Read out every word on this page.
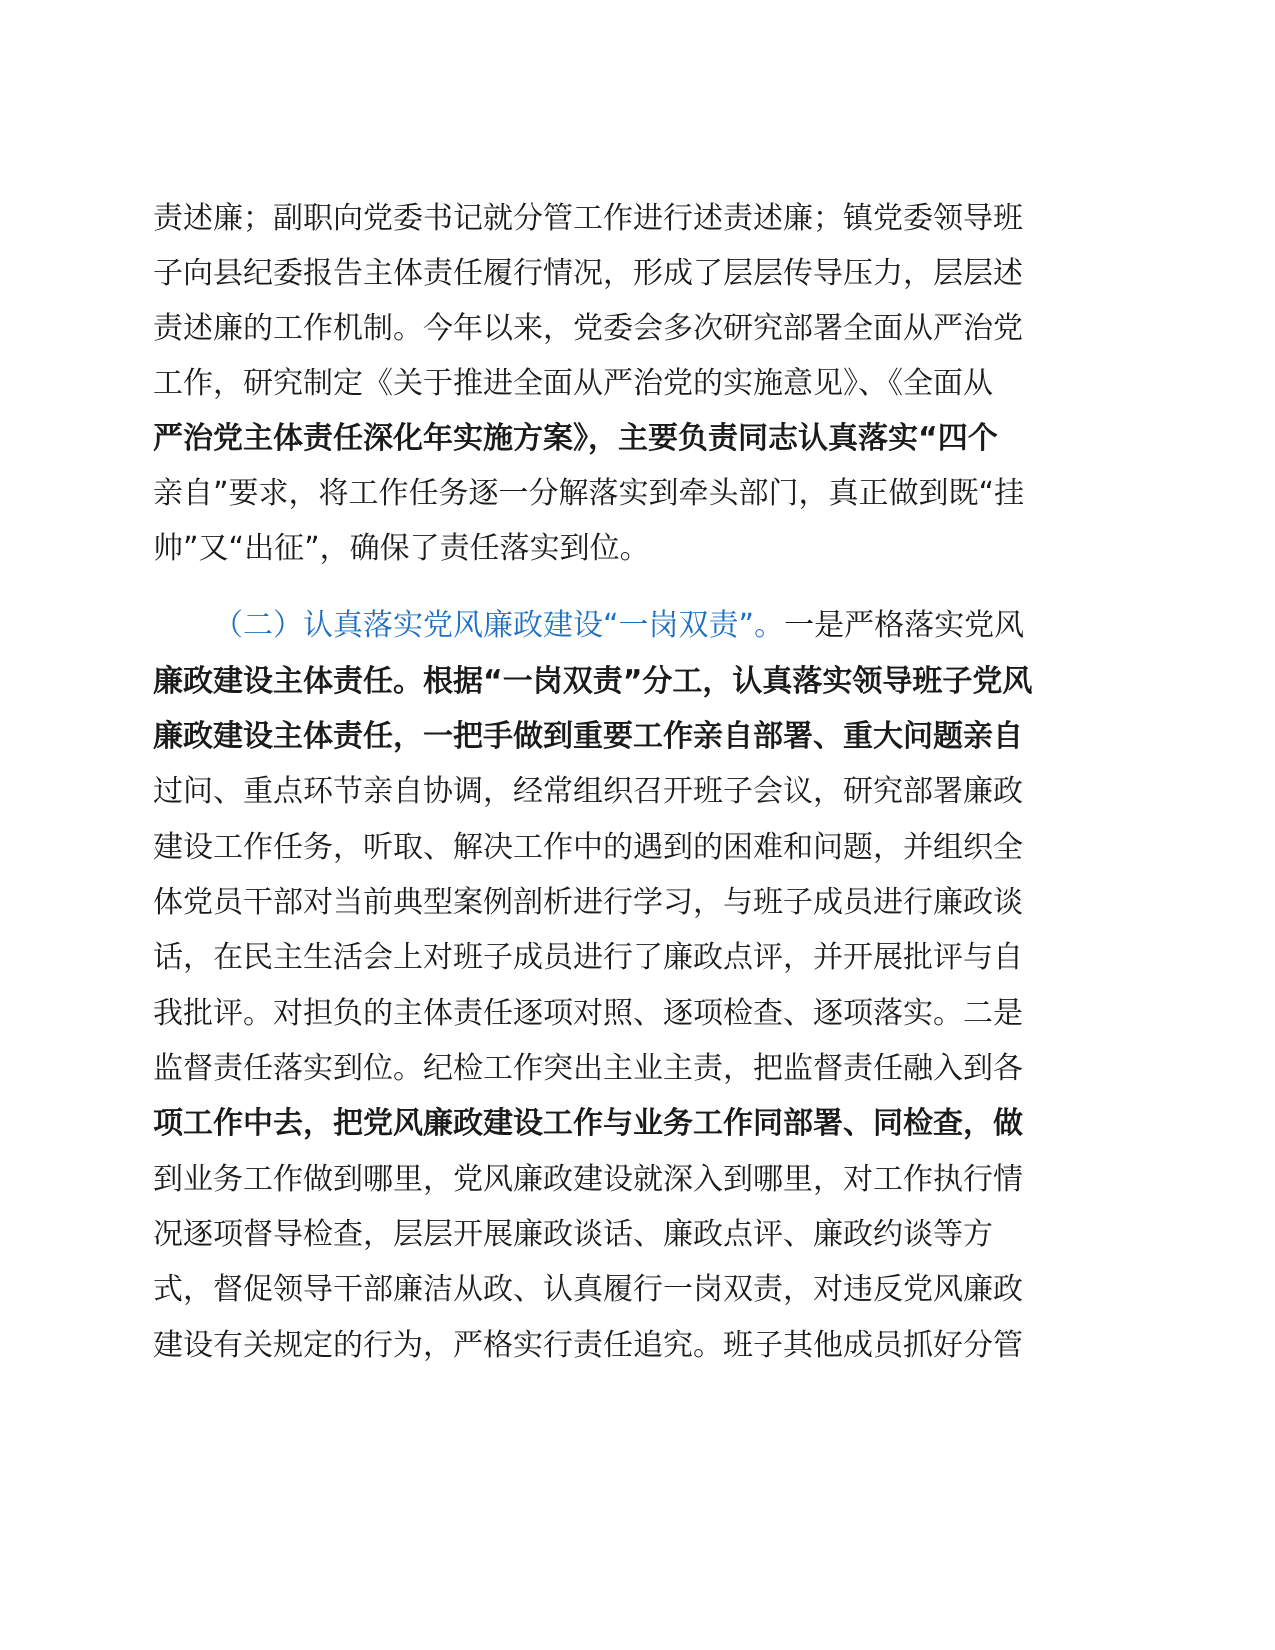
责述廉；副职向党委书记就分管工作进行述责述廉；镇党委领导班
子向县纪委报告主体责任履行情况，形成了层层传导压力，层层述
责述廉的工作机制。今年以来，党委会多次研究部署全面从严治党
工作，研究制定《关于推进全面从严治党的实施意见》、《全面从
严治党主体责任深化年实施方案》，主要负责同志认真落实“四个
亲自”要求，将工作任务逐一分解落实到牵头部门，真正做到既“挂
帅”又“出征”，确保了责任落实到位。
（二）认真落实党风廉政建设“一岗双责”。一是严格落实党风
廉政建设主体责任。根据“一岗双责”分工，认真落实领导班子党风
廉政建设主体责任，一把手做到重要工作亲自部署、重大问题亲自
过问、重点环节亲自协调，经常组织召开班子会议，研究部署廉政
建设工作任务，听取、解决工作中的遇到的困难和问题，并组织全
体党员干部对当前典型案例剖析进行学习，与班子成员进行廉政谈
话，在民主生活会上对班子成员进行了廉政点评，并开展批评与自
我批评。对担负的主体责任逐项对照、逐项检查、逐项落实。二是
监督责任落实到位。纪检工作突出主业主责，把监督责任融入到各
项工作中去，把党风廉政建设工作与业务工作同部署、同检查，做
到业务工作做到哪里，党风廉政建设就深入到哪里，对工作执行情
况逐项督导检查，层层开展廉政谈话、廉政点评、廉政约谈等方
式，督促领导干部廉洁从政、认真履行一岗双责，对违反党风廉政
建设有关规定的行为，严格实行责任追究。班子其他成员抓好分管
